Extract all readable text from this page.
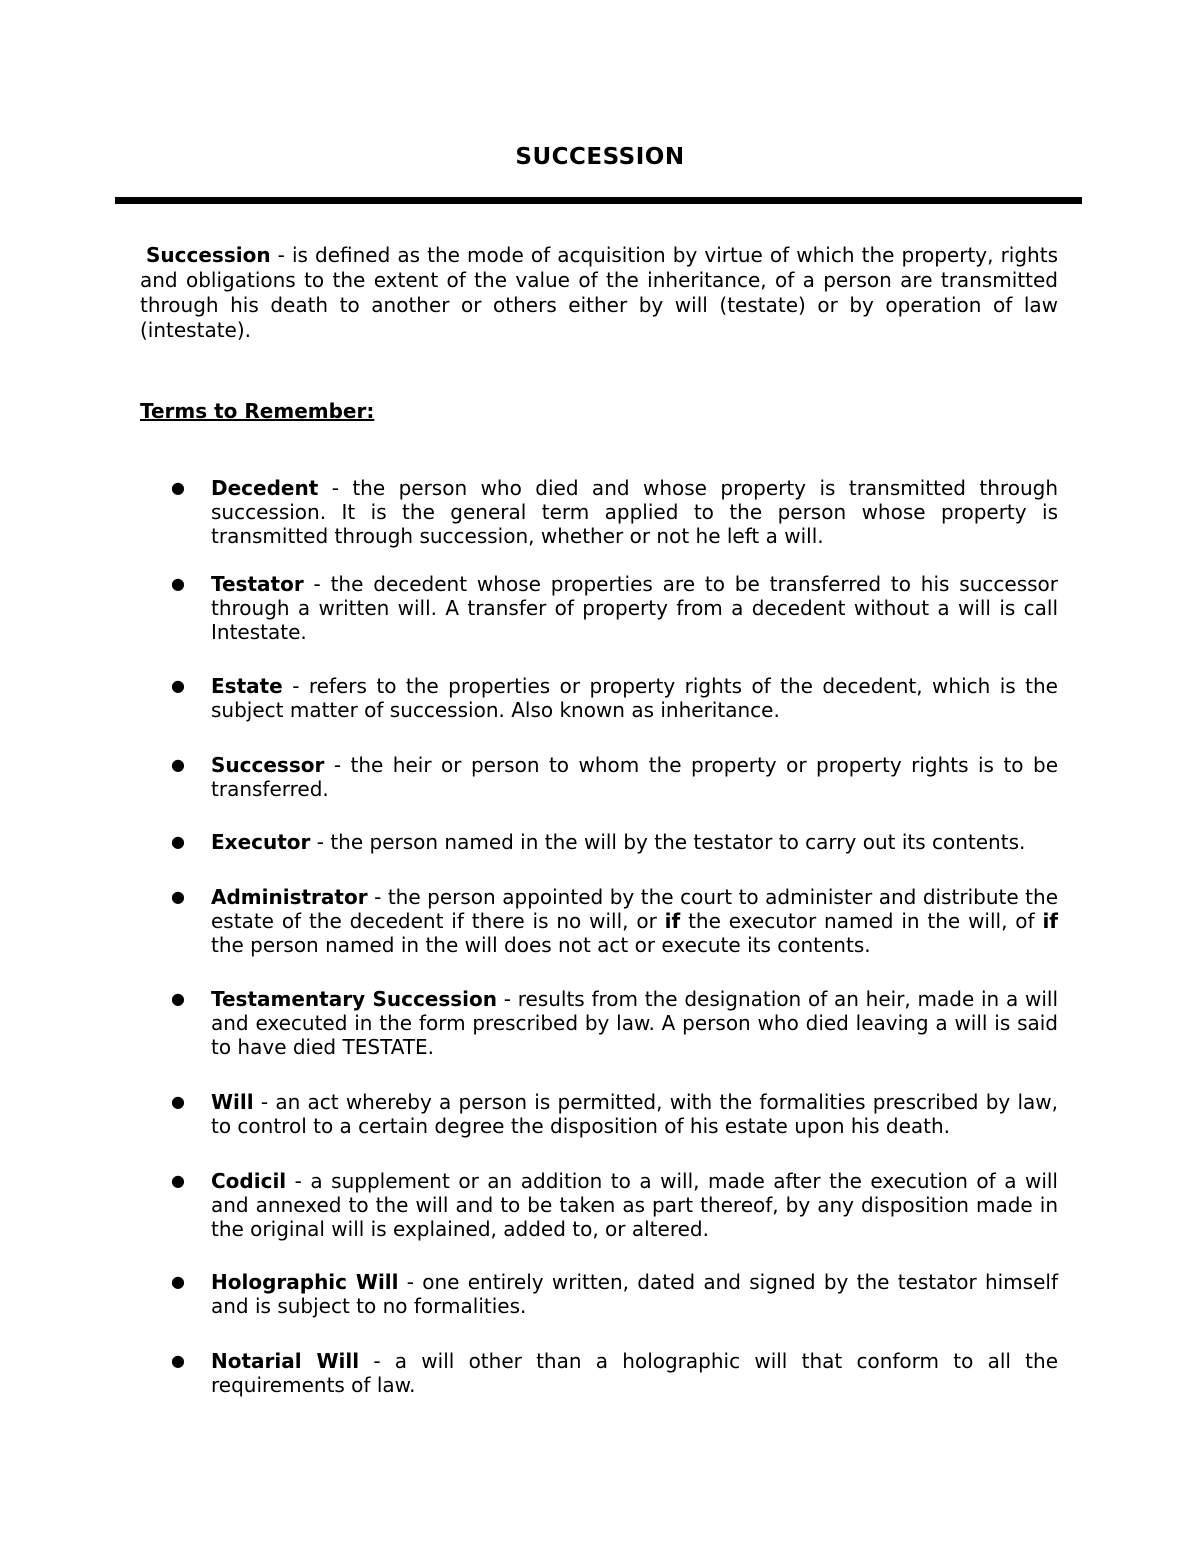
SUCCESSION

Succession - is defined as the mode of acquisition by virtue of which the property, rights and obligations to the extent of the value of the inheritance, of a person are transmitted through his death to another or others either by will (testate) or by operation of law (intestate).

Terms to Remember:

● Decedent - the person who died and whose property is transmitted through succession. It is the general term applied to the person whose property is transmitted through succession, whether or not he left a will.

● Testator - the decedent whose properties are to be transferred to his successor through a written will. A transfer of property from a decedent without a will is call Intestate.

● Estate - refers to the properties or property rights of the decedent, which is the subject matter of succession. Also known as inheritance.

● Successor - the heir or person to whom the property or property rights is to be transferred.

● Executor - the person named in the will by the testator to carry out its contents.

● Administrator - the person appointed by the court to administer and distribute the estate of the decedent if there is no will, or if the executor named in the will, of if the person named in the will does not act or execute its contents.

● Testamentary Succession - results from the designation of an heir, made in a will and executed in the form prescribed by law. A person who died leaving a will is said to have died TESTATE.

● Will - an act whereby a person is permitted, with the formalities prescribed by law, to control to a certain degree the disposition of his estate upon his death.

● Codicil - a supplement or an addition to a will, made after the execution of a will and annexed to the will and to be taken as part thereof, by any disposition made in the original will is explained, added to, or altered.

● Holographic Will - one entirely written, dated and signed by the testator himself and is subject to no formalities.

● Notarial Will - a will other than a holographic will that conform to all the requirements of law.
